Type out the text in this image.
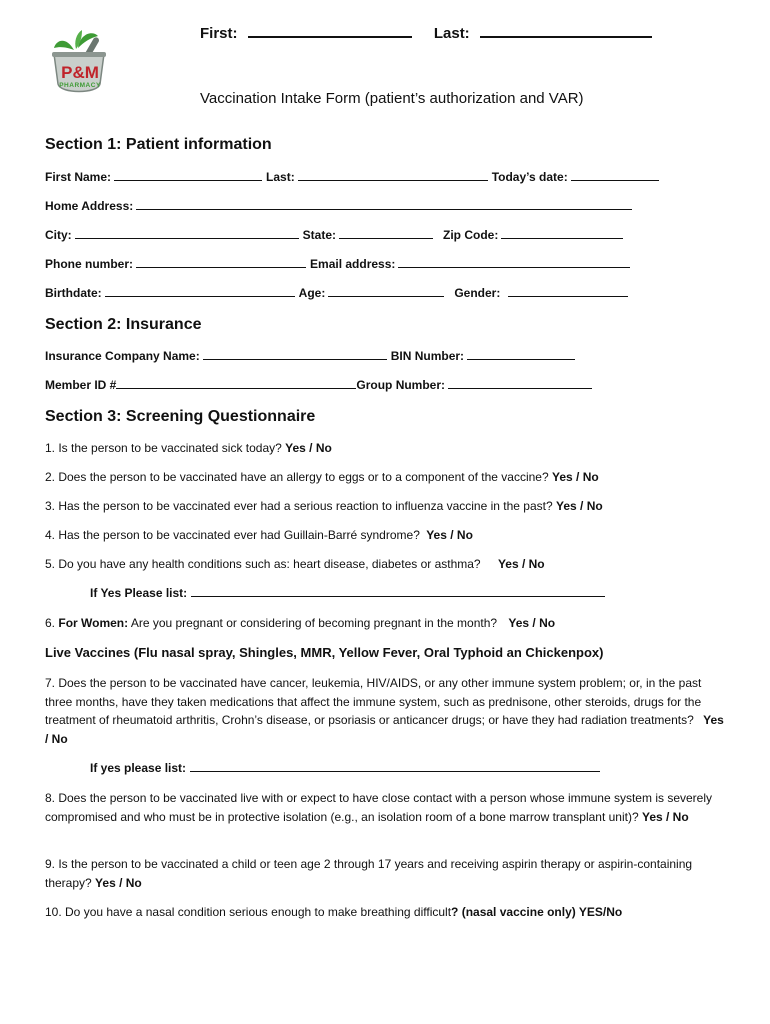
P&M
PHARMACY
First:	Last:
Vaccination Intake Form (patient’s authorization and VAR)
Section 1: Patient information
First Name:	Last:	Today’s date:
Home Address:
City:	State:	Zip Code:
Phone number:	Email address:
Birthdate:	Age:	Gender:
Section 2: Insurance
Insurance Company Name:	BIN Number:
Member ID #	Group Number:
Section 3: Screening Questionnaire
1. Is the person to be vaccinated sick today? Yes / No
2. Does the person to be vaccinated have an allergy to eggs or to a component of the vaccine? Yes / No
3. Has the person to be vaccinated ever had a serious reaction to influenza vaccine in the past? Yes / No
4. Has the person to be vaccinated ever had Guillain-Barré syndrome? Yes / No
5. Do you have any health conditions such as: heart disease, diabetes or asthma? Yes / No
If Yes Please list:
6. For Women: Are you pregnant or considering of becoming pregnant in the month? Yes / No
Live Vaccines (Flu nasal spray, Shingles, MMR, Yellow Fever, Oral Typhoid an Chickenpox)
7. Does the person to be vaccinated have cancer, leukemia, HIV/AIDS, or any other immune system problem; or, in the past three months, have they taken medications that affect the immune system, such as prednisone, other steroids, drugs for the treatment of rheumatoid arthritis, Crohn’s disease, or psoriasis or anticancer drugs; or have they had radiation treatments? Yes / No
If yes please list:
8. Does the person to be vaccinated live with or expect to have close contact with a person whose immune system is severely compromised and who must be in protective isolation (e.g., an isolation room of a bone marrow transplant unit)? Yes / No
9. Is the person to be vaccinated a child or teen age 2 through 17 years and receiving aspirin therapy or aspirin-containing therapy? Yes / No
10. Do you have a nasal condition serious enough to make breathing difficult? (nasal vaccine only) YES/No
